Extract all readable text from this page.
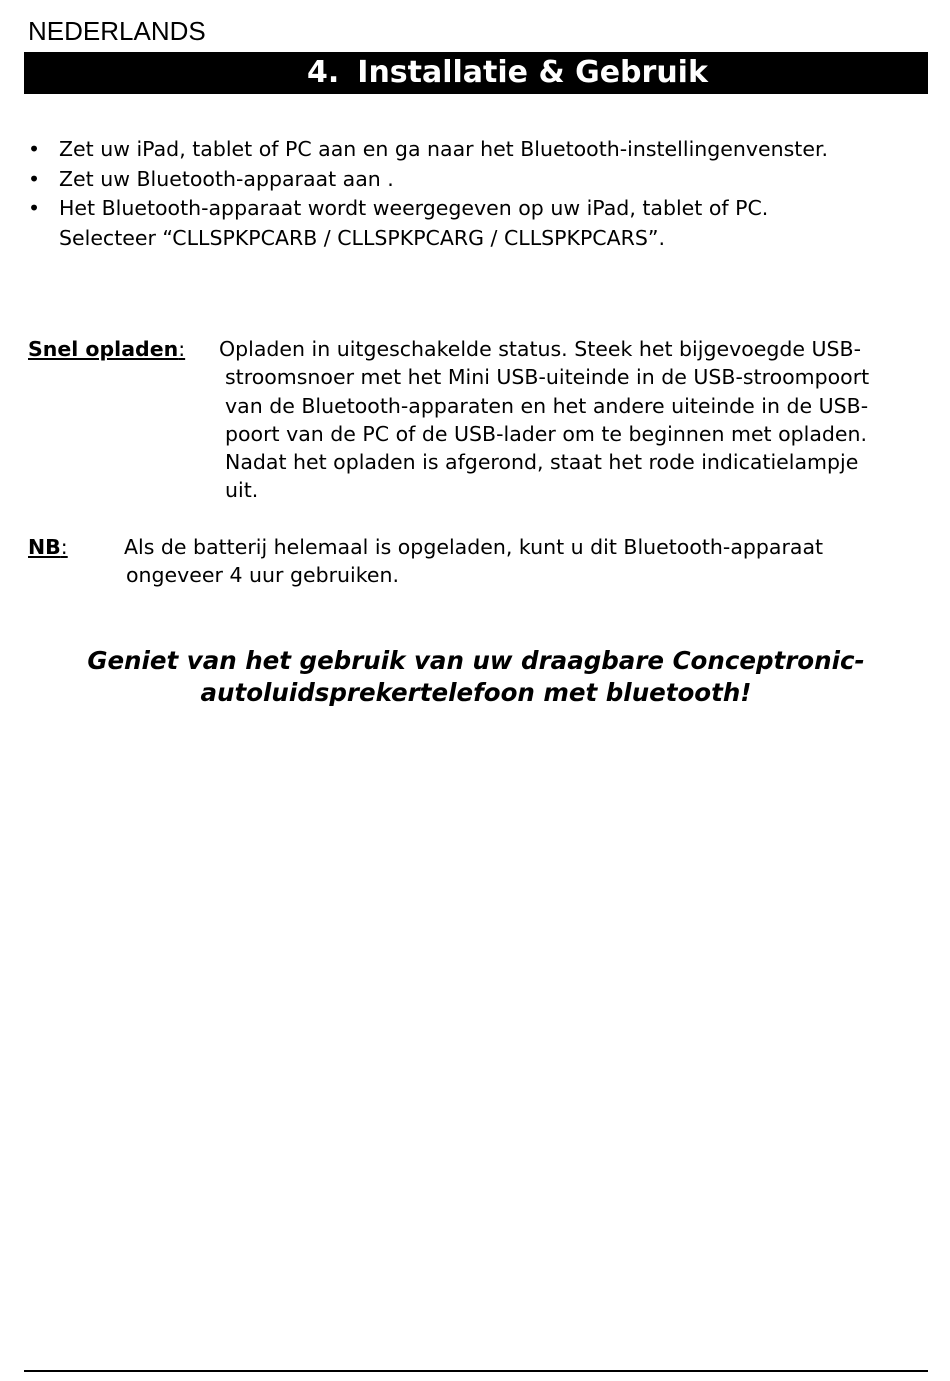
NEDERLANDS
4. Installatie & Gebruik
• Zet uw iPad, tablet of PC aan en ga naar het Bluetooth-instellingenvenster.
• Zet uw Bluetooth-apparaat aan .
• Het Bluetooth-apparaat wordt weergegeven op uw iPad, tablet of PC.
Selecteer “CLLSPKPCARB / CLLSPKPCARG / CLLSPKPCARS”.
Snel opladen: Opladen in uitgeschakelde status. Steek het bijgevoegde USB-
stroomsnoer met het Mini USB-uiteinde in de USB-stroompoort
van de Bluetooth-apparaten en het andere uiteinde in de USB-
poort van de PC of de USB-lader om te beginnen met opladen.
Nadat het opladen is afgerond, staat het rode indicatielampje
uit.
NB:	Als de batterij helemaal is opgeladen, kunt u dit Bluetooth-apparaat
ongeveer 4 uur gebruiken.
Geniet van het gebruik van uw draagbare Conceptronic-
autoluidsprekertelefoon met bluetooth!
